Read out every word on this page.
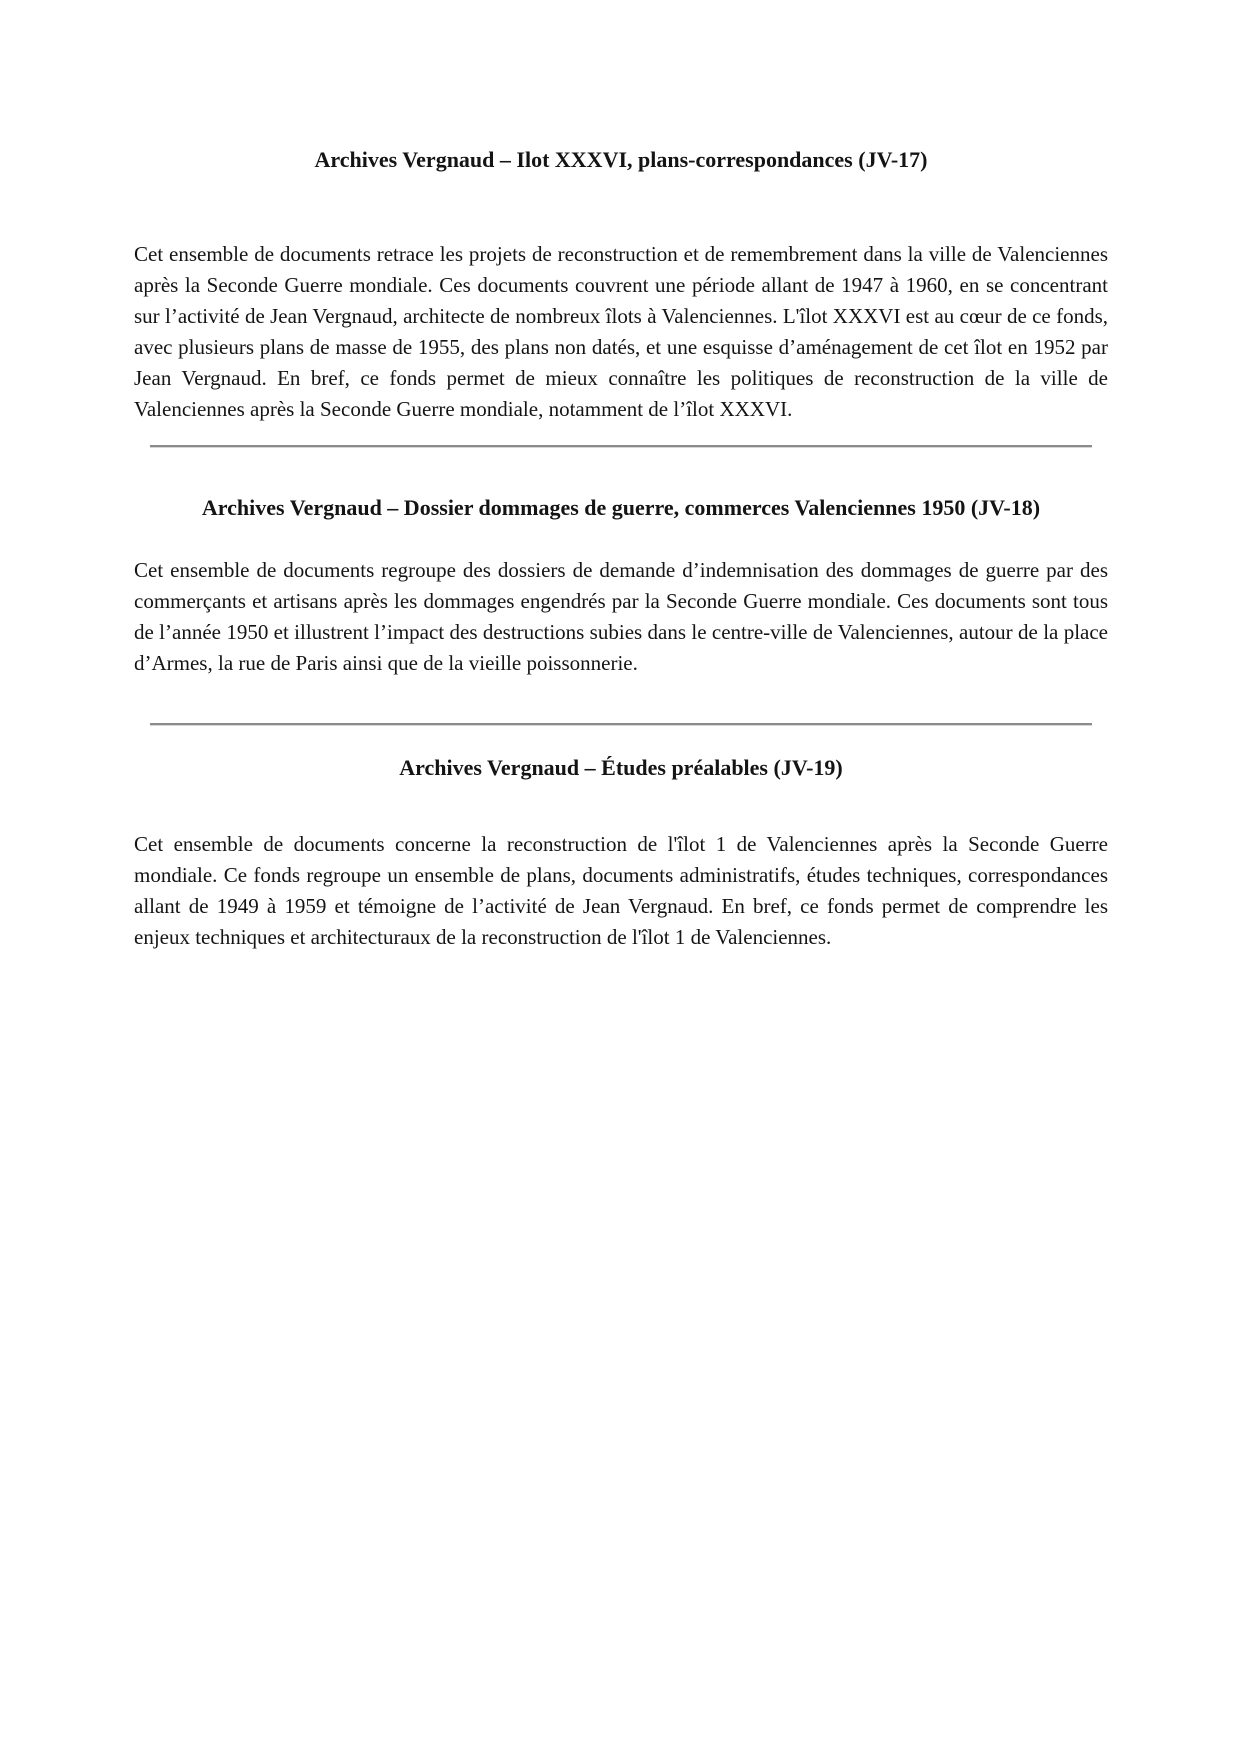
Archives Vergnaud – Ilot XXXVI, plans-correspondances (JV-17)

Cet ensemble de documents retrace les projets de reconstruction et de remembrement dans la ville de Valenciennes après la Seconde Guerre mondiale. Ces documents couvrent une période allant de 1947 à 1960, en se concentrant sur l’activité de Jean Vergnaud, architecte de nombreux îlots à Valenciennes. L'îlot XXXVI est au cœur de ce fonds, avec plusieurs plans de masse de 1955, des plans non datés, et une esquisse d’aménagement de cet îlot en 1952 par Jean Vergnaud. En bref, ce fonds permet de mieux connaître les politiques de reconstruction de la ville de Valenciennes après la Seconde Guerre mondiale, notamment de l’îlot XXXVI.

Archives Vergnaud – Dossier dommages de guerre, commerces Valenciennes 1950 (JV-18)

Cet ensemble de documents regroupe des dossiers de demande d’indemnisation des dommages de guerre par des commerçants et artisans après les dommages engendrés par la Seconde Guerre mondiale. Ces documents sont tous de l’année 1950 et illustrent l’impact des destructions subies dans le centre-ville de Valenciennes, autour de la place d’Armes, la rue de Paris ainsi que de la vieille poissonnerie.

Archives Vergnaud – Études préalables (JV-19)

Cet ensemble de documents concerne la reconstruction de l'îlot 1 de Valenciennes après la Seconde Guerre mondiale. Ce fonds regroupe un ensemble de plans, documents administratifs, études techniques, correspondances allant de 1949 à 1959 et témoigne de l’activité de Jean Vergnaud. En bref, ce fonds permet de comprendre les enjeux techniques et architecturaux de la reconstruction de l'îlot 1 de Valenciennes.
